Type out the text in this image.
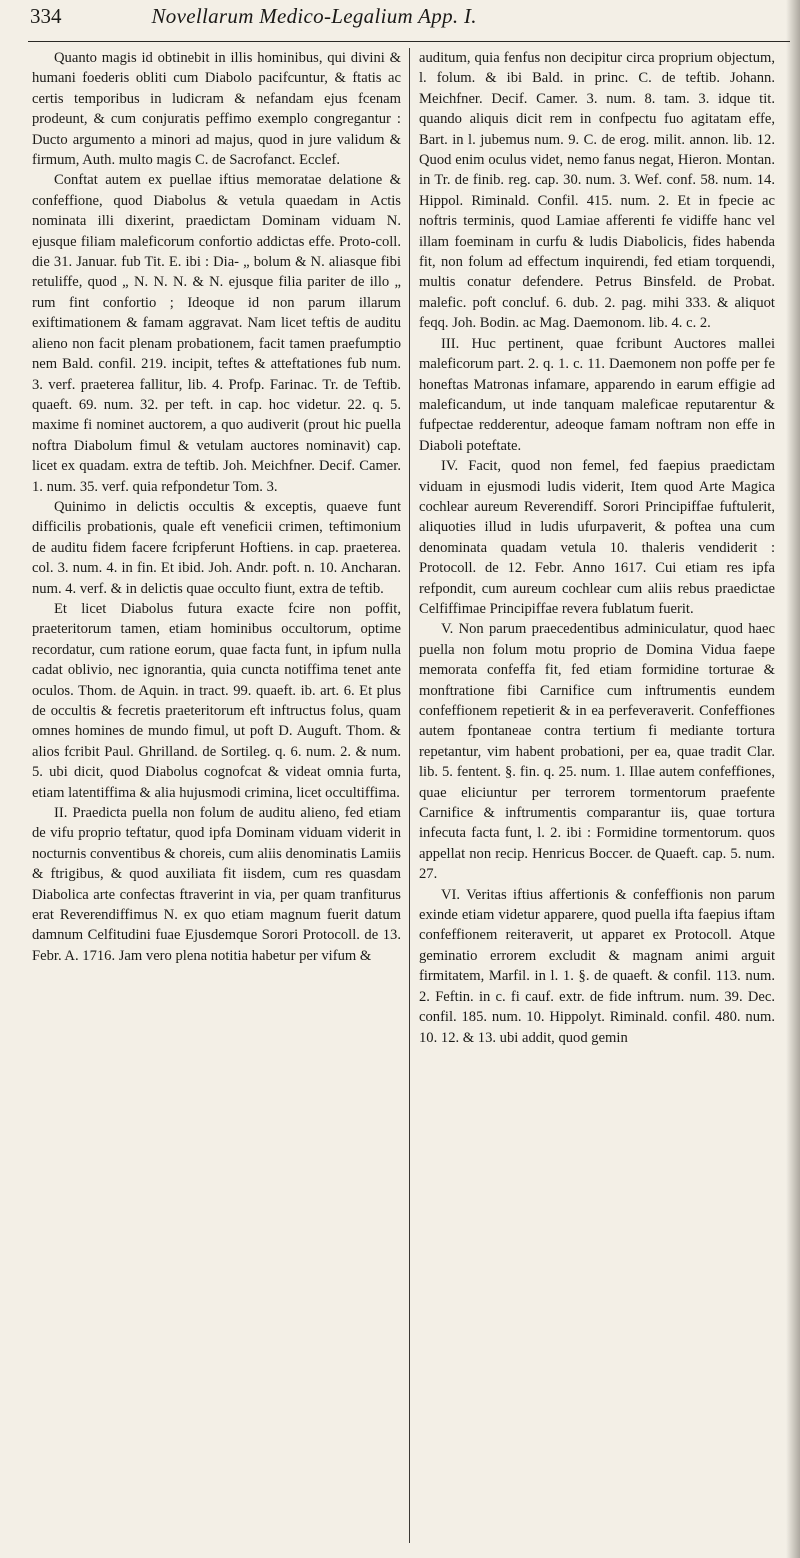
334	Novellarum Medico-Legalium App. I.

Quanto magis id obtinebit in illis hominibus, qui divini & humani foederis obliti cum Diabolo pacifcuntur, & ftatis ac certis temporibus in ludicram & nefandam ejus fcenam prodeunt, & cum conjuratis peffimo exemplo congregantur : Ducto argumento a minori ad majus, quod in jure validum & firmum, Auth. multo magis C. de Sacrofanct. Ecclef.

Conftat autem ex puellae iftius memoratae delatione & confeffione, quod Diabolus & vetula quaedam in Actis nominata illi dixerint, praedictam Dominam viduam N. ejusque filiam maleficorum confortio addictas effe. Proto-coll. die 31. Januar. fub Tit. E. ibi : Dia- „ bolum & N. aliasque fibi retuliffe, quod „ N. N. N. & N. ejusque filia pariter de illo „ rum fint confortio ; Ideoque id non parum illarum exiftimationem & famam aggravat. Nam licet teftis de auditu alieno non facit plenam probationem, facit tamen praefumptio nem Bald. confil. 219. incipit, teftes & atteftationes fub num. 3. verf. praeterea fallitur, lib. 4. Profp. Farinac. Tr. de Teftib. quaeft. 69. num. 32. per teft. in cap. hoc videtur. 22. q. 5. maxime fi nominet auctorem, a quo audiverit (prout hic puella noftra Diabolum fimul & vetulam auctores nominavit) cap. licet ex quadam. extra de teftib. Joh. Meichfner. Decif. Camer. 1. num. 35. verf. quia refpondetur Tom. 3.

Quinimo in delictis occultis & exceptis, quaeve funt difficilis probationis, quale eft veneficii crimen, teftimonium de auditu fidem facere fcripferunt Hoftiens. in cap. praeterea. col. 3. num. 4. in fin. Et ibid. Joh. Andr. poft. n. 10. Ancharan. num. 4. verf. & in delictis quae occulto fiunt, extra de teftib.

Et licet Diabolus futura exacte fcire non poffit, praeteritorum tamen, etiam hominibus occultorum, optime recordatur, cum ratione eorum, quae facta funt, in ipfum nulla cadat oblivio, nec ignorantia, quia cuncta notiffima tenet ante oculos. Thom. de Aquin. in tract. 99. quaeft. ib. art. 6. Et plus de occultis & fecretis praeteritorum eft inftructus folus, quam omnes homines de mundo fimul, ut poft D. Auguft. Thom. & alios fcribit Paul. Ghrilland. de Sortileg. q. 6. num. 2. & num. 5. ubi dicit, quod Diabolus cognofcat & videat omnia furta, etiam latentiffima & alia hujusmodi crimina, licet occultiffima.

II. Praedicta puella non folum de auditu alieno, fed etiam de vifu proprio teftatur, quod ipfa Dominam viduam viderit in nocturnis conventibus & choreis, cum aliis denominatis Lamiis & ftrigibus, & quod auxiliata fit iisdem, cum res quasdam Diabolica arte confectas ftraverint in via, per quam tranfiturus erat Reverendiffimus N. ex quo etiam magnum fuerit datum damnum Celfitudini fuae Ejusdemque Sorori Protocoll. de 13. Febr. A. 1716. Jam vero plena notitia habetur per vifum &

auditum, quia fenfus non decipitur circa proprium objectum, l. folum. & ibi Bald. in princ. C. de teftib. Johann. Meichfner. Decif. Camer. 3. num. 8. tam. 3. idque tit. quando aliquis dicit rem in confpectu fuo agitatam effe, Bart. in l. jubemus num. 9. C. de erog. milit. annon. lib. 12. Quod enim oculus videt, nemo fanus negat, Hieron. Montan. in Tr. de finib. reg. cap. 30. num. 3. Wef. conf. 58. num. 14. Hippol. Riminald. Confil. 415. num. 2. Et in fpecie ac noftris terminis, quod Lamiae afferenti fe vidiffe hanc vel illam foeminam in curfu & ludis Diabolicis, fides habenda fit, non folum ad effectum inquirendi, fed etiam torquendi, multis conatur defendere. Petrus Binsfeld. de Probat. malefic. poft concluf. 6. dub. 2. pag. mihi 333. & aliquot feqq. Joh. Bodin. ac Mag. Daemonom. lib. 4. c. 2.

III. Huc pertinent, quae fcribunt Auctores mallei maleficorum part. 2. q. 1. c. 11. Daemonem non poffe per fe honeftas Matronas infamare, apparendo in earum effigie ad maleficandum, ut inde tanquam maleficae reputarentur & fufpectae redderentur, adeoque famam noftram non effe in Diaboli poteftate.

IV. Facit, quod non femel, fed faepius praedictam viduam in ejusmodi ludis viderit, Item quod Arte Magica cochlear aureum Reverendiff. Sorori Principiffae fuftulerit, aliquoties illud in ludis ufurpaverit, & poftea una cum denominata quadam vetula 10. thaleris vendiderit : Protocoll. de 12. Febr. Anno 1617. Cui etiam res ipfa refpondit, cum aureum cochlear cum aliis rebus praedictae Celfiffimae Principiffae revera fublatum fuerit.

V. Non parum praecedentibus adminiculatur, quod haec puella non folum motu proprio de Domina Vidua faepe memorata confeffa fit, fed etiam formidine torturae & monftratione fibi Carnifice cum inftrumentis eundem confeffionem repetierit & in ea perfeveraverit. Confeffiones autem fpontaneae contra tertium fi mediante tortura repetantur, vim habent probationi, per ea, quae tradit Clar. lib. 5. fentent. §. fin. q. 25. num. 1. Illae autem confeffiones, quae eliciuntur per terrorem tormentorum praefente Carnifice & inftrumentis comparantur iis, quae tortura infecuta facta funt, l. 2. ibi : Formidine tormentorum. quos appellat non recip. Henricus Boccer. de Quaeft. cap. 5. num. 27.

VI. Veritas iftius affertionis & confeffionis non parum exinde etiam videtur apparere, quod puella ifta faepius iftam confeffionem reiteraverit, ut apparet ex Protocoll. Atque geminatio errorem excludit & magnam animi arguit firmitatem, Marfil. in l. 1. §. de quaeft. & confil. 113. num. 2. Feftin. in c. fi cauf. extr. de fide inftrum. num. 39. Dec. confil. 185. num. 10. Hippolyt. Riminald. confil. 480. num. 10. 12. & 13. ubi addit, quod gemin
